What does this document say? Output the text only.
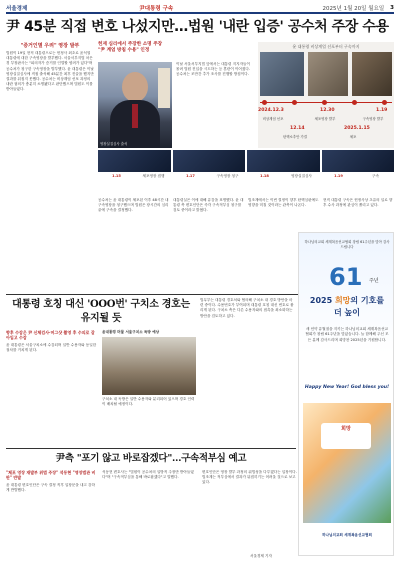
서울경제	尹대통령 구속	2025년 1월 20일 월요일 3
尹 45분 직접 변호 나섰지만…법원 '내란 입증' 공수처 주장 수용
"증거인멸 우려" 영장 발부
법원이 19일 현직 대통령으로는 헌정사 최초로 윤석열 대통령에 대한 구속영장을 발부했다. 서울서부지법 차은경 부장판사는 "피의자가 증거를 인멸할 염려가 있다"며 공수처가 청구한 구속영장을 발부했다. 윤 대통령은 이날 영장실질심사에 직접 출석해 45분간 최후 진술을 했지만 결과를 뒤집지 못했다. 공수처는 비상계엄 선포 과정의 내란 혐의가 충분히 소명됐다고 판단했으며 법원도 이를 받아들였다.
헌재 심리에서 주장한 소명 주장 "尹 계엄 방침 수용" 인정
영장실질심사 출석
이날 서울서부지법 앞에서는 대통령 지지자들이 몰려 법원 진입을 시도하는 등 혼란이 이어졌다. 공수처는 조만간 추가 조사를 진행할 방침이다.
윤 대통령 비상계엄 선포부터 구속까지
2024.12.3
비상계엄 선포
12.14
탄핵소추안 가결
12.30
체포영장 발부
2025.1.15
체포
1.19
구속영장 발부
1.15	체포영장 집행	1.17	구속영장 청구	1.18	영장실질심사	1.19	구속
공수처는 윤 대통령이 체포된 이후 48시간 내 구속영장을 청구했으며 법원은 장시간의 심리 끝에 구속을 결정했다.
대통령실은 이에 대해 유감을 표명했다. 윤 대통령 측 변호인단은 즉각 구속적부심 청구를 검토 중이라고 밝혔다.
법조계에서는 이번 결정이 향후 탄핵심판에도 영향을 미칠 것이라는 관측이 나온다.
현직 대통령 구속은 헌정사상 초유의 일로 향후 수사 과정에 관심이 쏠리고 있다.
대통령 호칭 대신 'OOO번' 구치소 경호는 유지될 듯
향후 수감은 尹 신체검사·머그샷 촬영 후 수의로 갈아입고 수감
윤 대통령은 서울구치소에 수감되며 일반 수용자와 동일한 절차를 거치게 된다.
윤대통령 머물 서울구치소 독방 예상
구치소 내 독방은 일반 수용자와 분리되어 있으며 경호 인력이 배치될 예정이다.
법무부는 대통령 경호처와 협의해 구치소 내 경호 방안을 마련 중이다. 수용번호가 부여되며 대통령 호칭 대신 번호로 불리게 된다. 구치소 측은 다른 수용자와의 접촉을 최소화하는 방안을 검토하고 있다.
尹측 "포기 않고 바로잡겠다"…구속적부심 예고
"체포 영장 재발부 위법 주장" 석동현 "영장법관 비판" 반발
윤 대통령 변호인단은 구속 결정 직후 입장문을 내고 강하게 반발했다.
석동현 변호사는 "법원이 공수처의 일방적 주장만 받아들였다"며 "구속적부심을 통해 바로잡겠다"고 말했다.
변호인단은 영장 발부 과정의 위법성을 다투겠다는 입장이다. 법조계는 적부심에서 결과가 뒤집히기는 어려울 것으로 보고 있다.
서울경제 기자
하나님의교회 세계복음선교협회 창립 61주년을 맞아 감사드립니다
61 주년
2025 희망의 기호를
더 높이
새 언약 유월절을 지키는 하나님의교회 세계복음선교협회가 창립 61주년을 맞았습니다. 늘 함께해 주신 모든 분께 감사드리며 희망찬 2025년을 기원합니다.
Happy New Year! God bless you!
희망
하나님의교회 세계복음선교협회
